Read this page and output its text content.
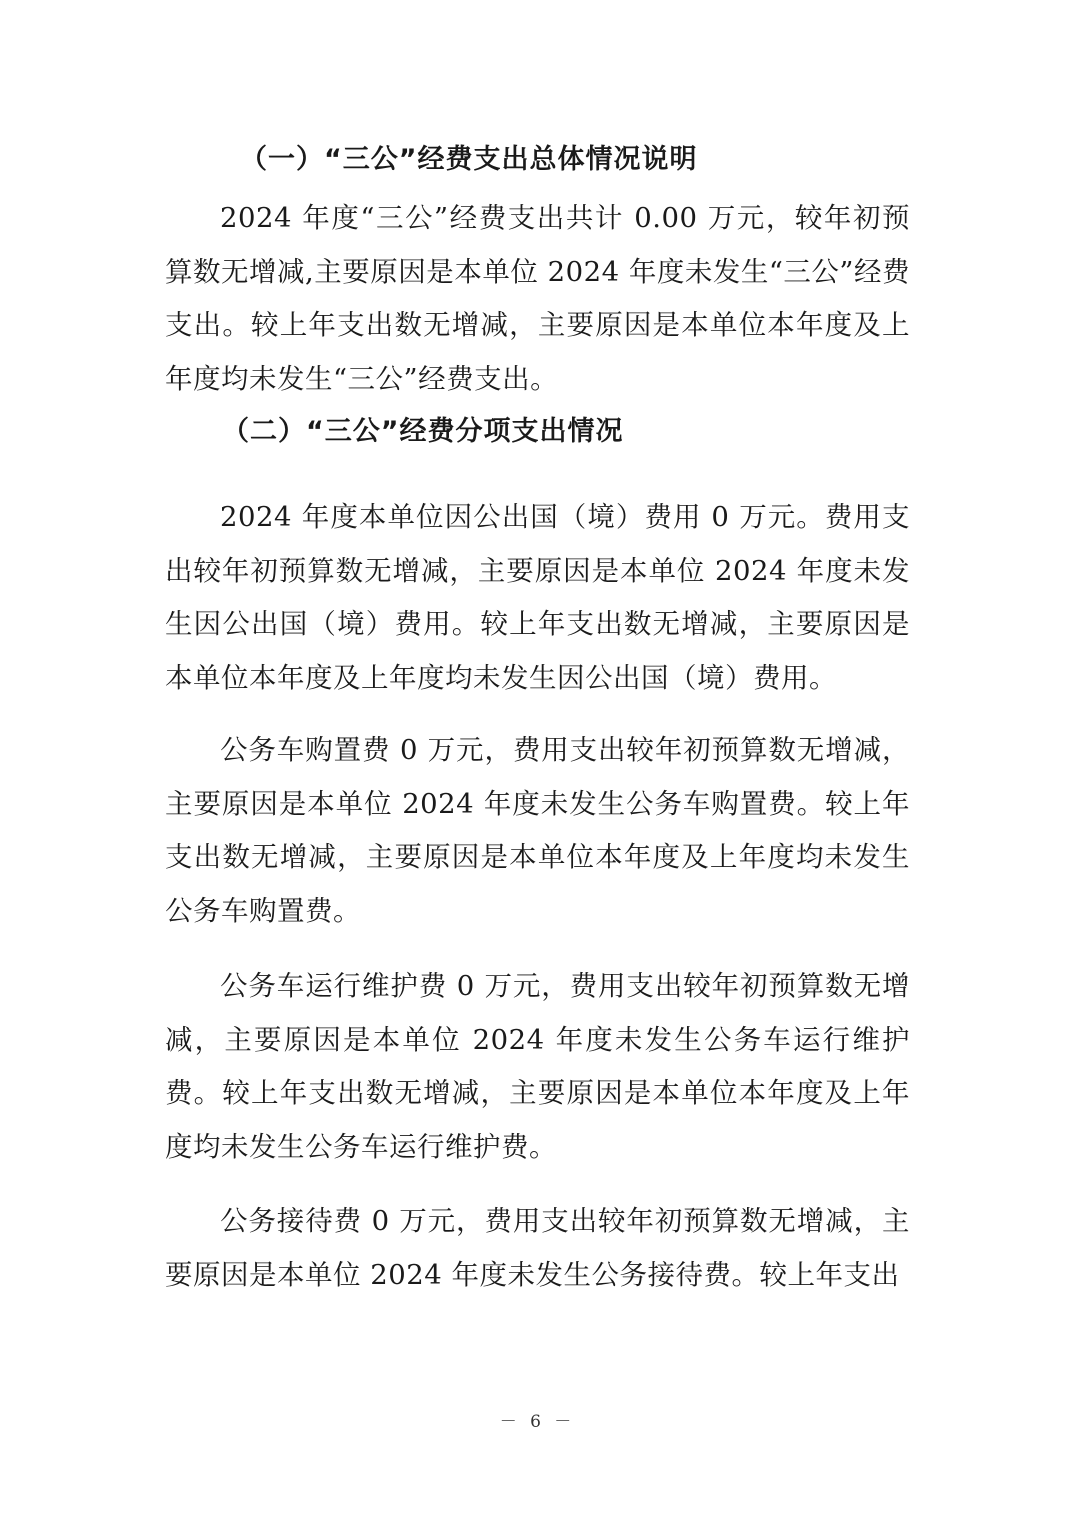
（一）“三公”经费支出总体情况说明
2024 年度“三公”经费支出共计 0.00 万元，较年初预算数无增减,主要原因是本单位 2024 年度未发生“三公”经费支出。较上年支出数无增减，主要原因是本单位本年度及上年度均未发生“三公”经费支出。
（二）“三公”经费分项支出情况
2024 年度本单位因公出国（境）费用 0 万元。费用支出较年初预算数无增减，主要原因是本单位 2024 年度未发生因公出国（境）费用。较上年支出数无增减，主要原因是本单位本年度及上年度均未发生因公出国（境）费用。
公务车购置费 0 万元，费用支出较年初预算数无增减，主要原因是本单位 2024 年度未发生公务车购置费。较上年支出数无增减，主要原因是本单位本年度及上年度均未发生公务车购置费。
公务车运行维护费 0 万元，费用支出较年初预算数无增减，主要原因是本单位 2024 年度未发生公务车运行维护费。较上年支出数无增减，主要原因是本单位本年度及上年度均未发生公务车运行维护费。
公务接待费 0 万元，费用支出较年初预算数无增减，主要原因是本单位 2024 年度未发生公务接待费。较上年支出
－ 6 －
